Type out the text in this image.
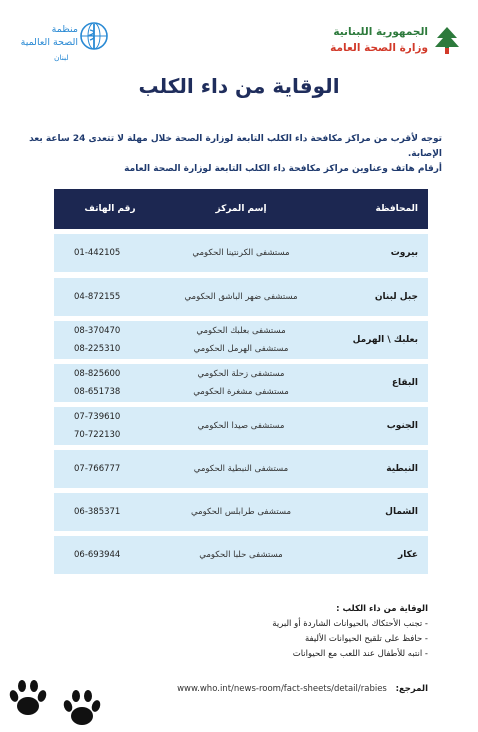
الجمهورية اللبنانية
وزارة الصحة العامة
منظمة
الصحة العالمية
لبنان
الوقاية من داء الكلب
توجه لأقرب من مراكز مكافحة داء الكلب التابعة لوزارة الصحة خلال مهلة لا تتعدى 24 ساعة بعد الإصابة.
أرقام هاتف وعناوين مراكز مكافحة داء الكلب التابعة لوزارة الصحة العامة
المحافظة
إسم المركز
رقم الهاتف
بيروت
مستشفى الكرنتينا الحكومي
01-442105
جبل لبنان
مستشفى ضهر الباشق الحكومي
04-872155
بعلبك \ الهرمل
مستشفى بعلبك الحكومي
مستشفى الهرمل الحكومي
08-370470
08-225310
البقاع
مستشفى زحلة الحكومي
مستشفى مشغرة الحكومي
08-825600
08-651738
الجنوب
مستشفى صيدا الحكومي
07-739610
70-722130
النبطية
مستشفى النبطية الحكومي
07-766777
الشمال
مستشفى طرابلس الحكومي
06-385371
عكار
مستشفى حلبا الحكومي
06-693944
الوقاية من داء الكلب :
- تجنب الأحتكاك بالحيوانات الشاردة أو البرية
- حافظ على تلقيح الحيوانات الأليفة
- انتبه للأطفال عند اللعب مع الحيوانات
المرجع: www.who.int/news-room/fact-sheets/detail/rabies
